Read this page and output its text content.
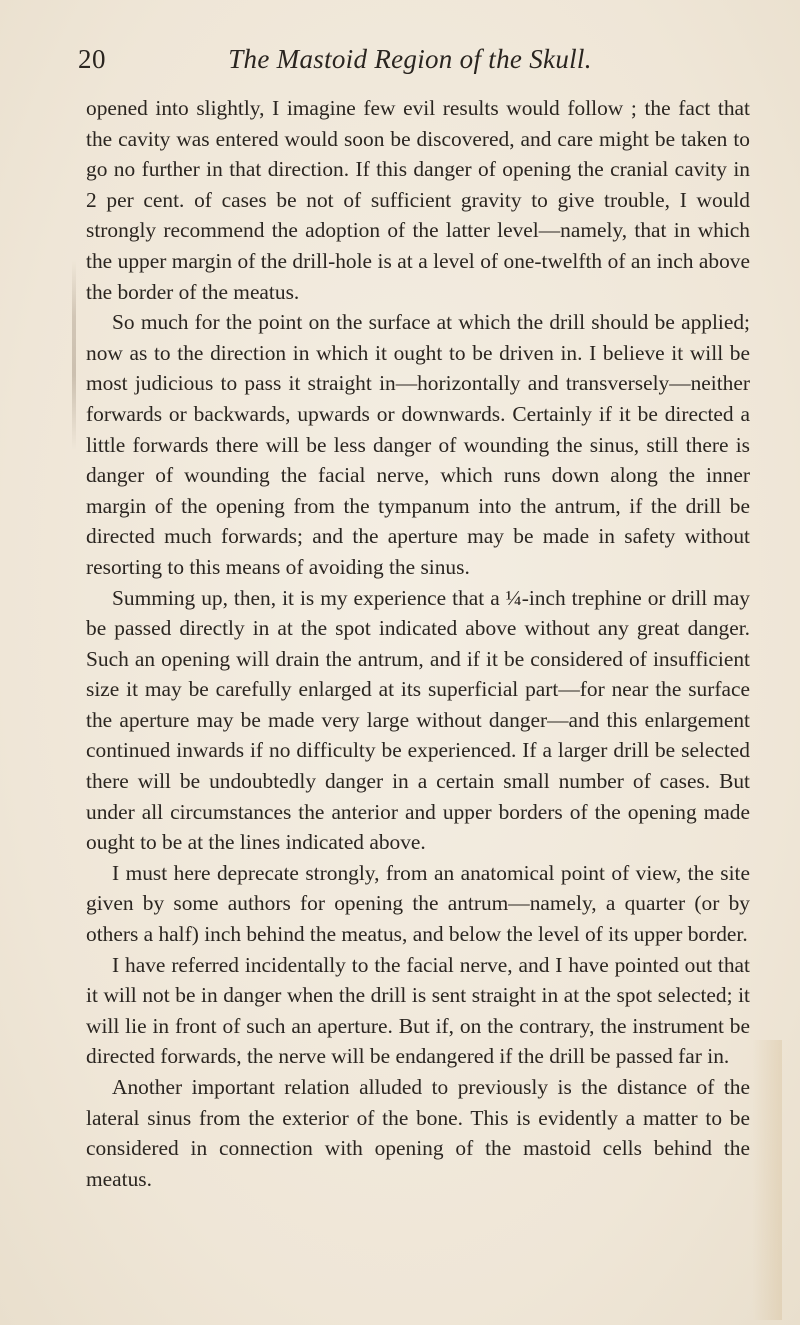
20	The Mastoid Region of the Skull.

opened into slightly, I imagine few evil results would follow ; the fact that the cavity was entered would soon be discovered, and care might be taken to go no further in that direction. If this danger of opening the cranial cavity in 2 per cent. of cases be not of sufficient gravity to give trouble, I would strongly recommend the adoption of the latter level—namely, that in which the upper margin of the drill-hole is at a level of one-twelfth of an inch above the border of the meatus.

So much for the point on the surface at which the drill should be applied; now as to the direction in which it ought to be driven in. I believe it will be most judicious to pass it straight in—horizontally and transversely—neither forwards or backwards, upwards or downwards. Certainly if it be directed a little forwards there will be less danger of wounding the sinus, still there is danger of wounding the facial nerve, which runs down along the inner margin of the opening from the tympanum into the antrum, if the drill be directed much forwards; and the aperture may be made in safety without resorting to this means of avoiding the sinus.

Summing up, then, it is my experience that a ¼-inch trephine or drill may be passed directly in at the spot indicated above without any great danger. Such an opening will drain the antrum, and if it be considered of insufficient size it may be carefully enlarged at its superficial part—for near the surface the aperture may be made very large without danger—and this enlargement continued inwards if no difficulty be experienced. If a larger drill be selected there will be undoubtedly danger in a certain small number of cases. But under all circumstances the anterior and upper borders of the opening made ought to be at the lines indicated above.

I must here deprecate strongly, from an anatomical point of view, the site given by some authors for opening the antrum—namely, a quarter (or by others a half) inch behind the meatus, and below the level of its upper border.

I have referred incidentally to the facial nerve, and I have pointed out that it will not be in danger when the drill is sent straight in at the spot selected; it will lie in front of such an aperture. But if, on the contrary, the instrument be directed forwards, the nerve will be endangered if the drill be passed far in.

Another important relation alluded to previously is the distance of the lateral sinus from the exterior of the bone. This is evidently a matter to be considered in connection with opening of the mastoid cells behind the meatus.
